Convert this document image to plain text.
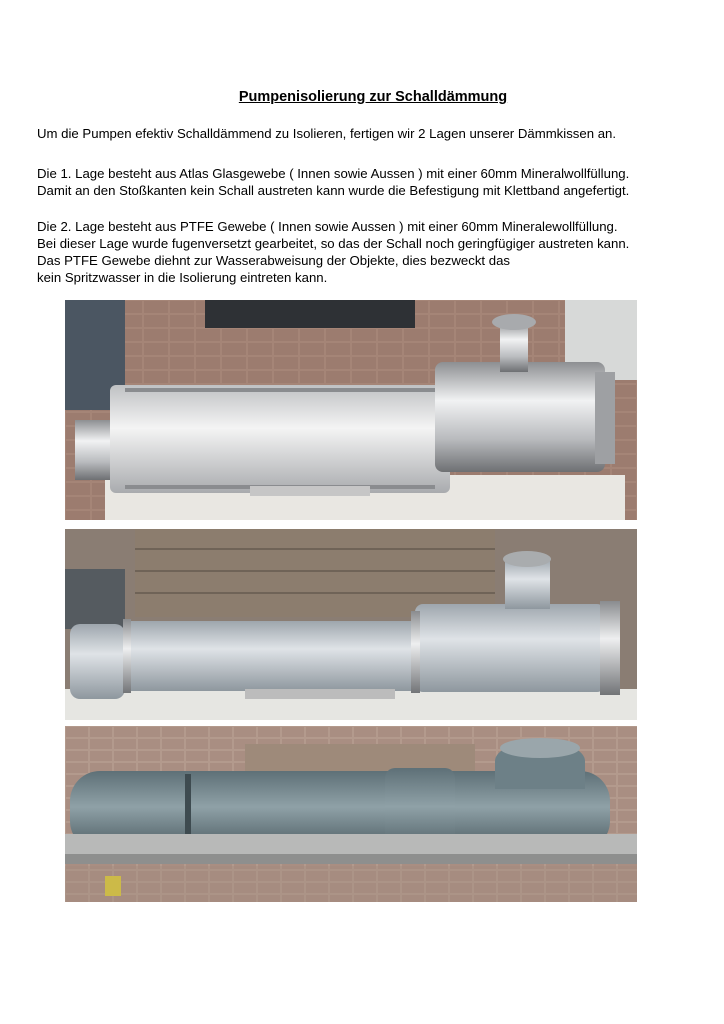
Pumpenisolierung zur Schalldämmung
Um die Pumpen efektiv Schalldämmend zu Isolieren, fertigen wir 2 Lagen unserer Dämmkissen an.
Die 1. Lage besteht aus Atlas Glasgewebe ( Innen sowie Aussen ) mit einer 60mm Mineralwollfüllung.
Damit an den Stoßkanten kein Schall austreten kann wurde die Befestigung mit Klettband angefertigt.
Die 2. Lage besteht aus PTFE Gewebe ( Innen sowie Aussen ) mit einer 60mm Mineralewollfüllung.
Bei dieser Lage wurde fugenversetzt gearbeitet, so das der Schall noch geringfügiger austreten kann.
Das PTFE Gewebe diehnt zur Wasserabweisung der Objekte, dies bezweckt das
kein Spritzwasser in die Isolierung eintreten kann.
